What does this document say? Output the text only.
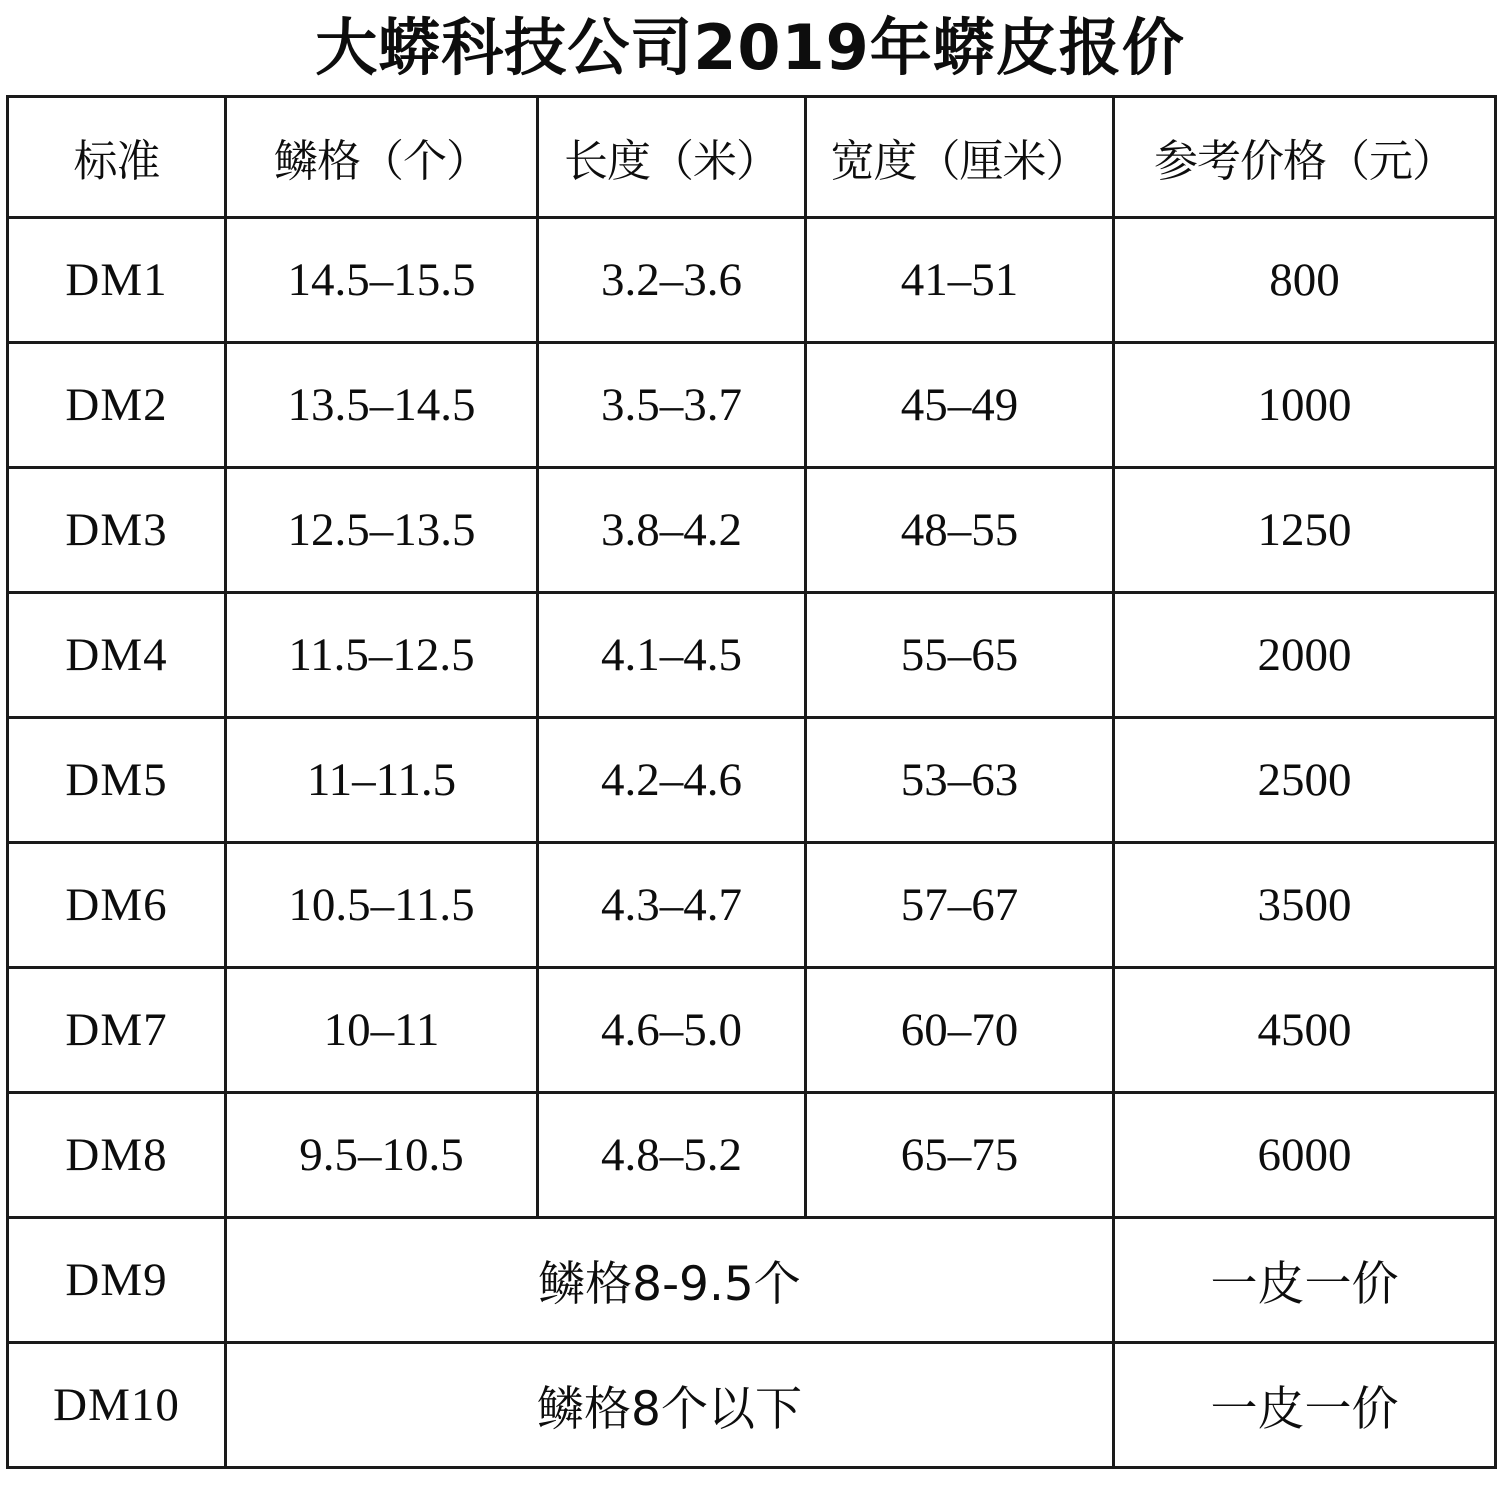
大蟒科技公司2019年蟒皮报价
标准	鳞格（个）	长度（米）	宽度（厘米）	参考价格（元）
DM1	14.5–15.5	3.2–3.6	41–51	800
DM2	13.5–14.5	3.5–3.7	45–49	1000
DM3	12.5–13.5	3.8–4.2	48–55	1250
DM4	11.5–12.5	4.1–4.5	55–65	2000
DM5	11–11.5	4.2–4.6	53–63	2500
DM6	10.5–11.5	4.3–4.7	57–67	3500
DM7	10–11	4.6–5.0	60–70	4500
DM8	9.5–10.5	4.8–5.2	65–75	6000
DM9	鳞格8-9.5个			一皮一价
DM10	鳞格8个以下			一皮一价
